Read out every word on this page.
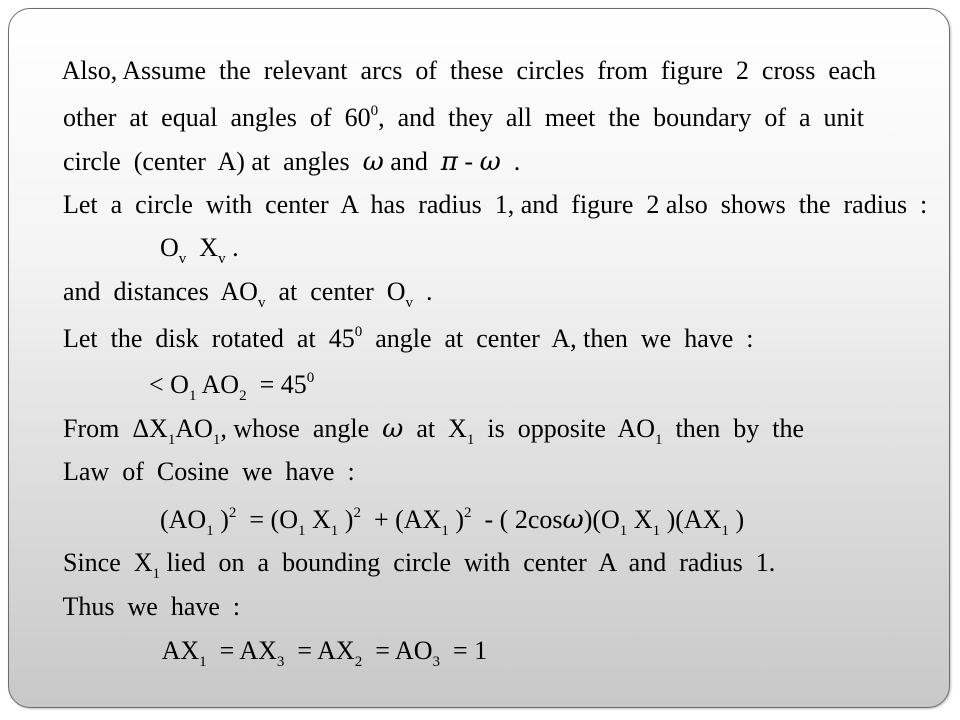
Also, Assume  the  relevant  arcs  of  these  circles  from  figure  2  cross  each

other  at  equal  angles  of  $60^0$,  and  they  all  meet  the  boundary  of  a  unit

circle  (center  A) at  angles  ω and  π - ω  .

Let  a  circle  with  center  A  has  radius  1, and  figure  2 also  shows  the  radius  :

$O_v$  $X_v$ .

and  distances  $AO_v$  at  center  $O_v$  .

Let  the  disk  rotated  at  $45^0$  angle  at  center  A, then  we  have  :

< $O_1$ $AO_2 = 45^0$

From  $\Delta X_1AO_1$, whose  angle  ω  at  $X_1$  is  opposite  $AO_1$  then  by  the

Law  of  Cosine  we  have  :

($AO_1$ )$^2 = (O_1$ $X_1$ )$^2 + (AX_1$ )$^2$  - ( $2\cos\omega)(O_1$ $X_1$ )($AX_1$ )

Since  $X_1$ lied  on  a  bounding  circle  with  center  A  and  radius  1.

Thus  we  have  :

$AX_1 = AX_3 = AX_2 = AO_3 = 1$
